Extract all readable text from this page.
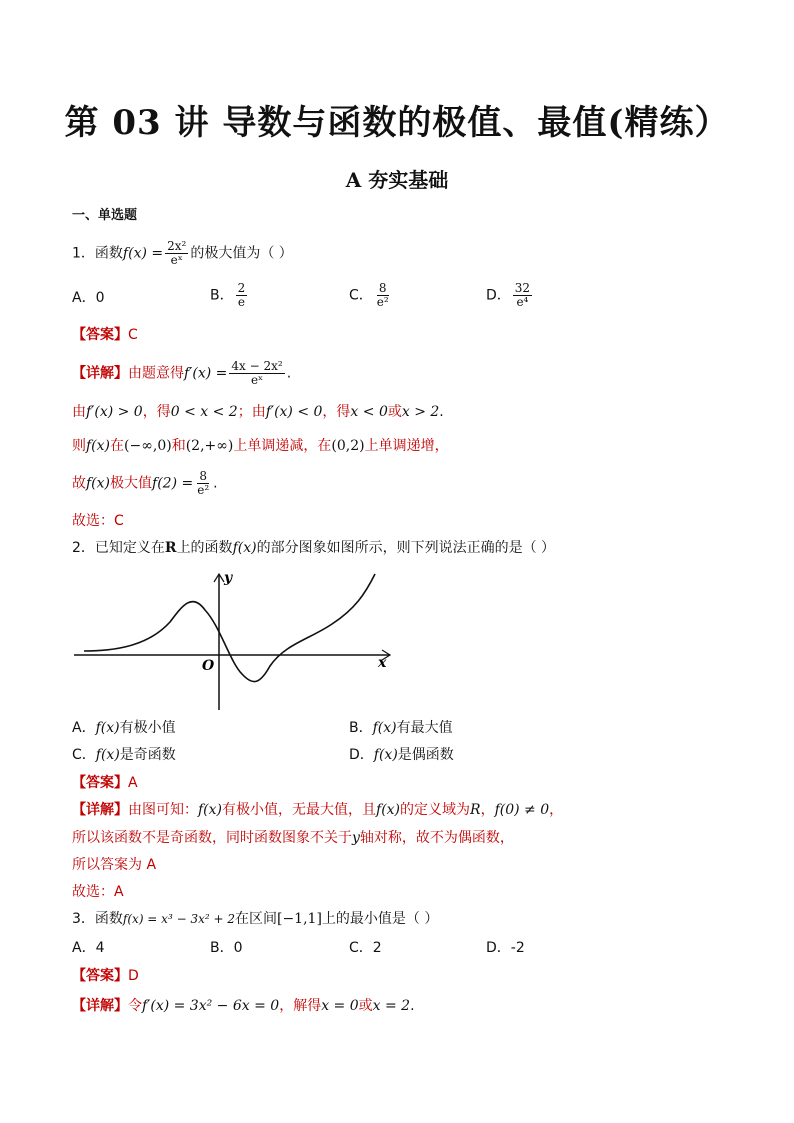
第 03 讲 导数与函数的极值、最值(精练）
A 夯实基础
一、单选题
1．函数$f(x) = \frac{\text{2x²}}{\text{eˣ}}$ 的极大值为（ ）
A．0	B． $\frac{2}{e}$	C． $\frac{8}{\text{e²}}$	D． $\frac{32}{\text{e⁴}}$
【答案】C
【详解】由题意得$f'(x) = \frac{\text{4x − 2x²}}{\text{eˣ}}$ .
由f′(x) > 0，得0 < x < 2；由f′(x) < 0，得x < 0或x > 2.
则f(x)在(−∞,0)和(2,+∞)上单调递减，在(0,2)上单调递增，
故f(x)极大值$f(2) = \frac{8}{\text{e²}}$ .
故选：C
2．已知定义在R上的函数f(x)的部分图象如图所示，则下列说法正确的是（ ）
y
x
O
A．f(x)有极小值	B．f(x)有最大值
C．f(x)是奇函数	D．f(x)是偶函数
【答案】A
【详解】由图可知：f(x)有极小值，无最大值，且f(x)的定义域为R，f(0) ≠ 0，
所以该函数不是奇函数，同时函数图象不关于y轴对称，故不为偶函数，
所以答案为 A
故选：A
3．函数f(x) = x³ − 3x² + 2在区间[−1,1]上的最小值是（ ）
A．4	B．0	C．2	D．-2
【答案】D
【详解】令f′(x) = 3x² − 6x = 0，解得x = 0或x = 2.
